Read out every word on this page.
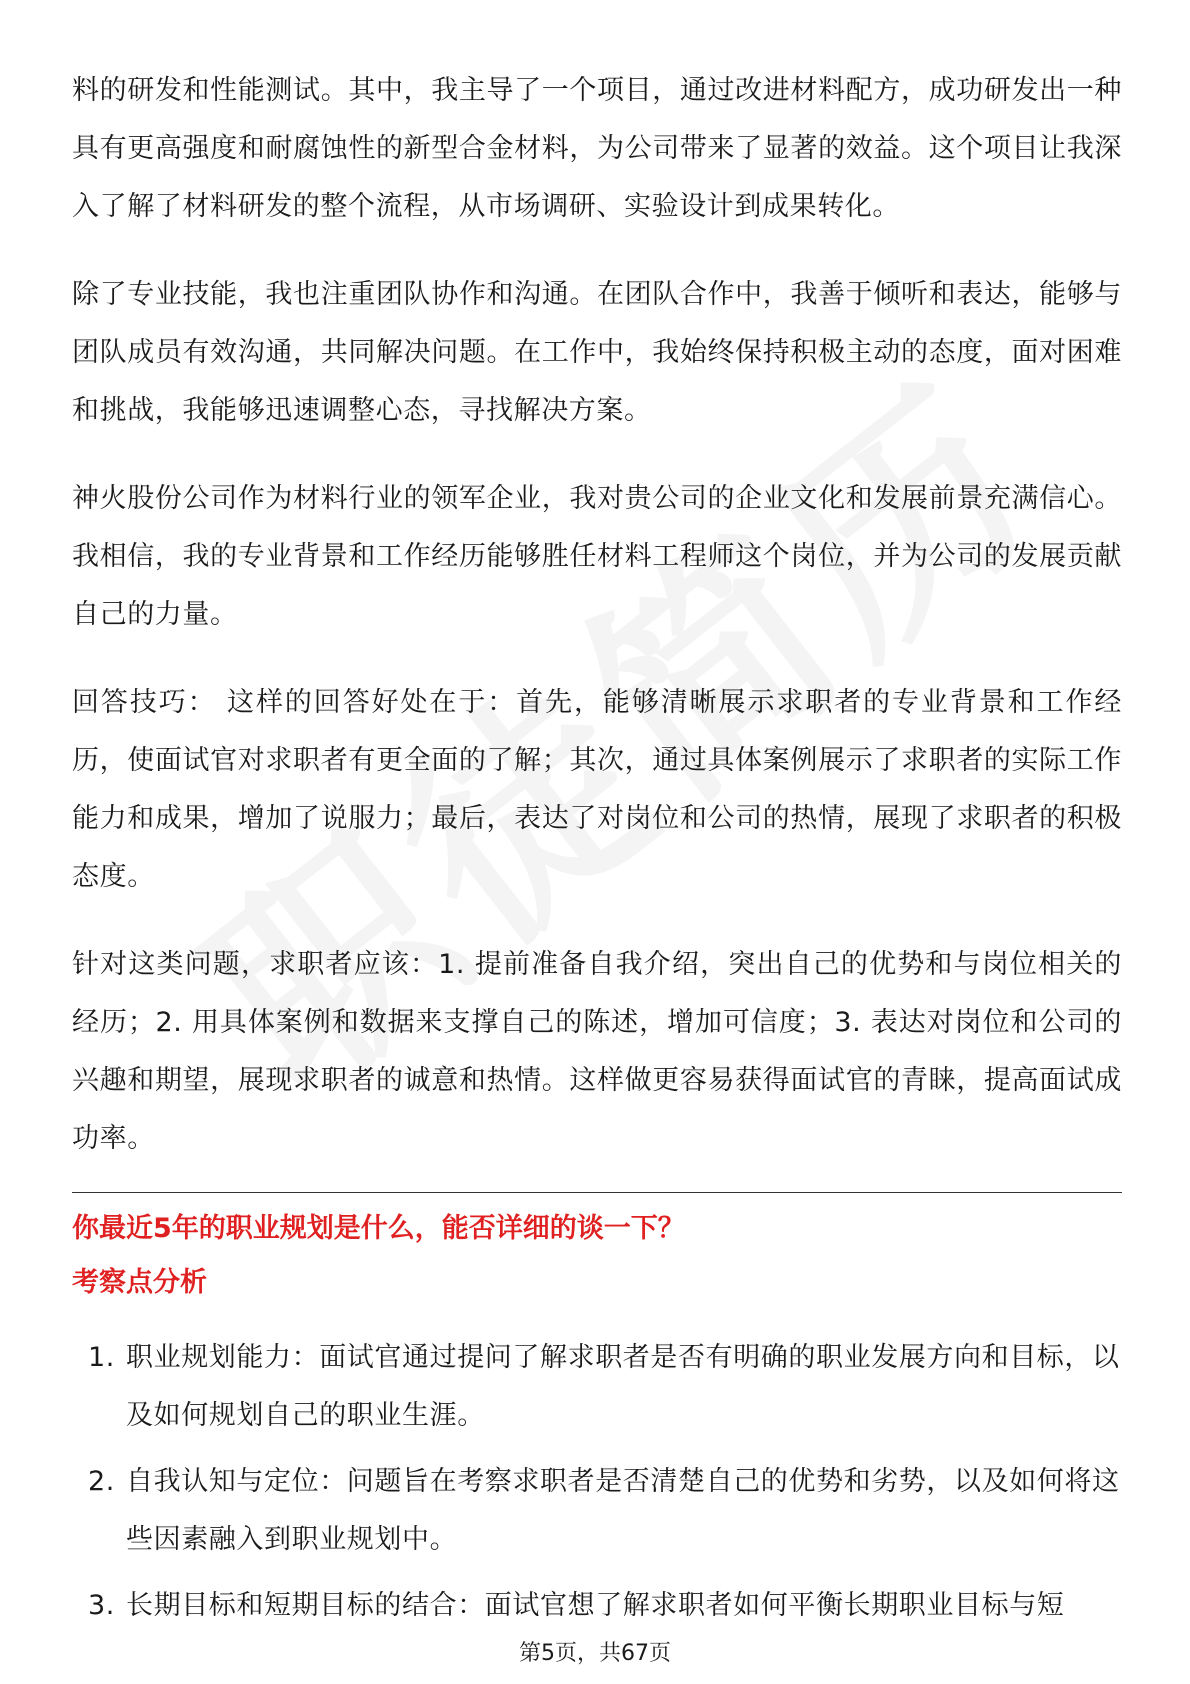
料的研发和性能测试。其中，我主导了一个项目，通过改进材料配方，成功研发出一种具有更高强度和耐腐蚀性的新型合金材料，为公司带来了显著的效益。这个项目让我深入了解了材料研发的整个流程，从市场调研、实验设计到成果转化。

除了专业技能，我也注重团队协作和沟通。在团队合作中，我善于倾听和表达，能够与团队成员有效沟通，共同解决问题。在工作中，我始终保持积极主动的态度，面对困难和挑战，我能够迅速调整心态，寻找解决方案。

神火股份公司作为材料行业的领军企业，我对贵公司的企业文化和发展前景充满信心。我相信，我的专业背景和工作经历能够胜任材料工程师这个岗位，并为公司的发展贡献自己的力量。

回答技巧： 这样的回答好处在于：首先，能够清晰展示求职者的专业背景和工作经历，使面试官对求职者有更全面的了解；其次，通过具体案例展示了求职者的实际工作能力和成果，增加了说服力；最后，表达了对岗位和公司的热情，展现了求职者的积极态度。

针对这类问题，求职者应该：1. 提前准备自我介绍，突出自己的优势和与岗位相关的经历；2. 用具体案例和数据来支撑自己的陈述，增加可信度；3. 表达对岗位和公司的兴趣和期望，展现求职者的诚意和热情。这样做更容易获得面试官的青睐，提高面试成功率。

你最近5年的职业规划是什么，能否详细的谈一下？
考察点分析
1. 职业规划能力：面试官通过提问了解求职者是否有明确的职业发展方向和目标，以及如何规划自己的职业生涯。
2. 自我认知与定位：问题旨在考察求职者是否清楚自己的优势和劣势，以及如何将这些因素融入到职业规划中。
3. 长期目标和短期目标的结合：面试官想了解求职者如何平衡长期职业目标与短
第5页，共67页
